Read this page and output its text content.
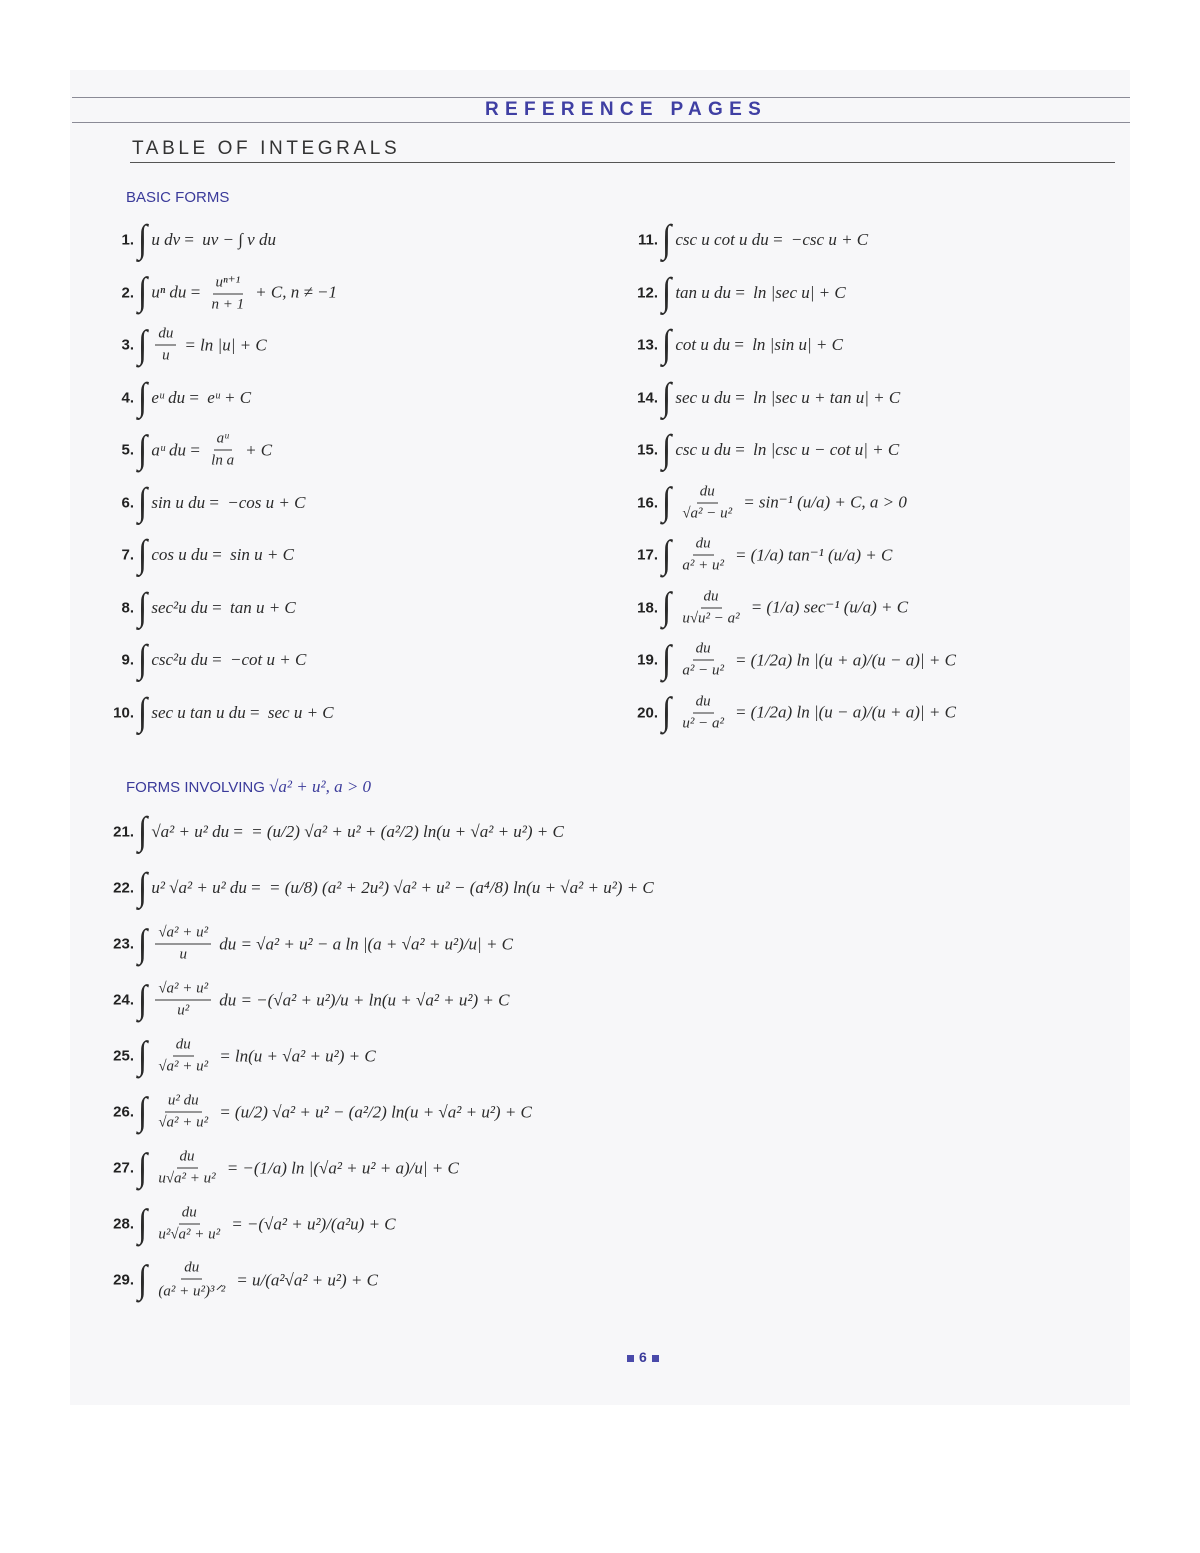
REFERENCE PAGES
TABLE OF INTEGRALS
BASIC FORMS
1. ∫ u dv = uv − ∫ v du
2. ∫ uⁿ du = $\frac{\text{uⁿ⁺¹}}{n + 1} + C$, n ≠ −1
3. ∫ $\frac{du}{u} = \ln |u| + C$
4. ∫ eᵘ du = eᵘ + C
5. ∫ aᵘ du = $\frac{\text{aᵘ}}{\text{ln a}} + C$
6. ∫ sin u du = −cos u + C
7. ∫ cos u du = sin u + C
8. ∫ sec²u du = tan u + C
9. ∫ csc²u du = −cot u + C
10. ∫ sec u tan u du = sec u + C
11. ∫ csc u cot u du = −csc u + C
12. ∫ tan u du = ln |sec u| + C
13. ∫ cot u du = ln |sin u| + C
14. ∫ sec u du = ln |sec u + tan u| + C
15. ∫ csc u du = ln |csc u − cot u| + C
16. ∫ $\frac{du}{\text{√a² − u²}} = \sin^{-1}$ (u/a) + C, a > 0
17. ∫ $\frac{du}{\text{a² + u²}} = (1/a)$ tan⁻¹ (u/a) + C
18. ∫ $\frac{du}{\text{u√u² − a²}} = (1/a)$ sec⁻¹ (u/a) + C
19. ∫ $\frac{du}{\text{a² − u²}} = (1/2a)$ ln |(u + a)/(u − a)| + C
20. ∫ $\frac{du}{\text{u² − a²}} = (1/2a)$ ln |(u − a)/(u + a)| + C
FORMS INVOLVING √a² + u², a > 0
21. ∫ √a² + u² du = = (u/2) √a² + u² + (a²/2) ln(u + √a² + u²) + C
22. ∫ u² √a² + u² du = = (u/8) (a² + 2u²) √a² + u² − (a⁴/8) ln(u + √a² + u²) + C
23. ∫ $\frac{\text{√a² + u²}}{u}$ du = √a² + u² − a ln |(a + √a² + u²)/u| + C
24. ∫ $\frac{\text{√a² + u²}}{\text{u²}}$ du = −(√a² + u²)/u + ln(u + √a² + u²) + C
25. ∫ $\frac{du}{\text{√a² + u²}} = \ln(u + √a^2 + u^2) + C$
26. ∫ $\frac{\text{u² du}}{\text{√a² + u²}} = (u/2) √a^2 + u^2 - (a^2/2) \ln(u + √a^2 + u^2) + C$
27. ∫ $\frac{du}{\text{u√a² + u²}} = -(1/a)$ ln |(√a² + u² + a)/u| + C
28. ∫ $\frac{du}{\text{u²√a² + u²}} = -(√a^2 + u^2)/(a^2u) + C$
29. ∫ $\frac{du}{\text{(a² + u²)³ᐟ²}} = u/(a^2√a^2 + u^2) + C$
6
